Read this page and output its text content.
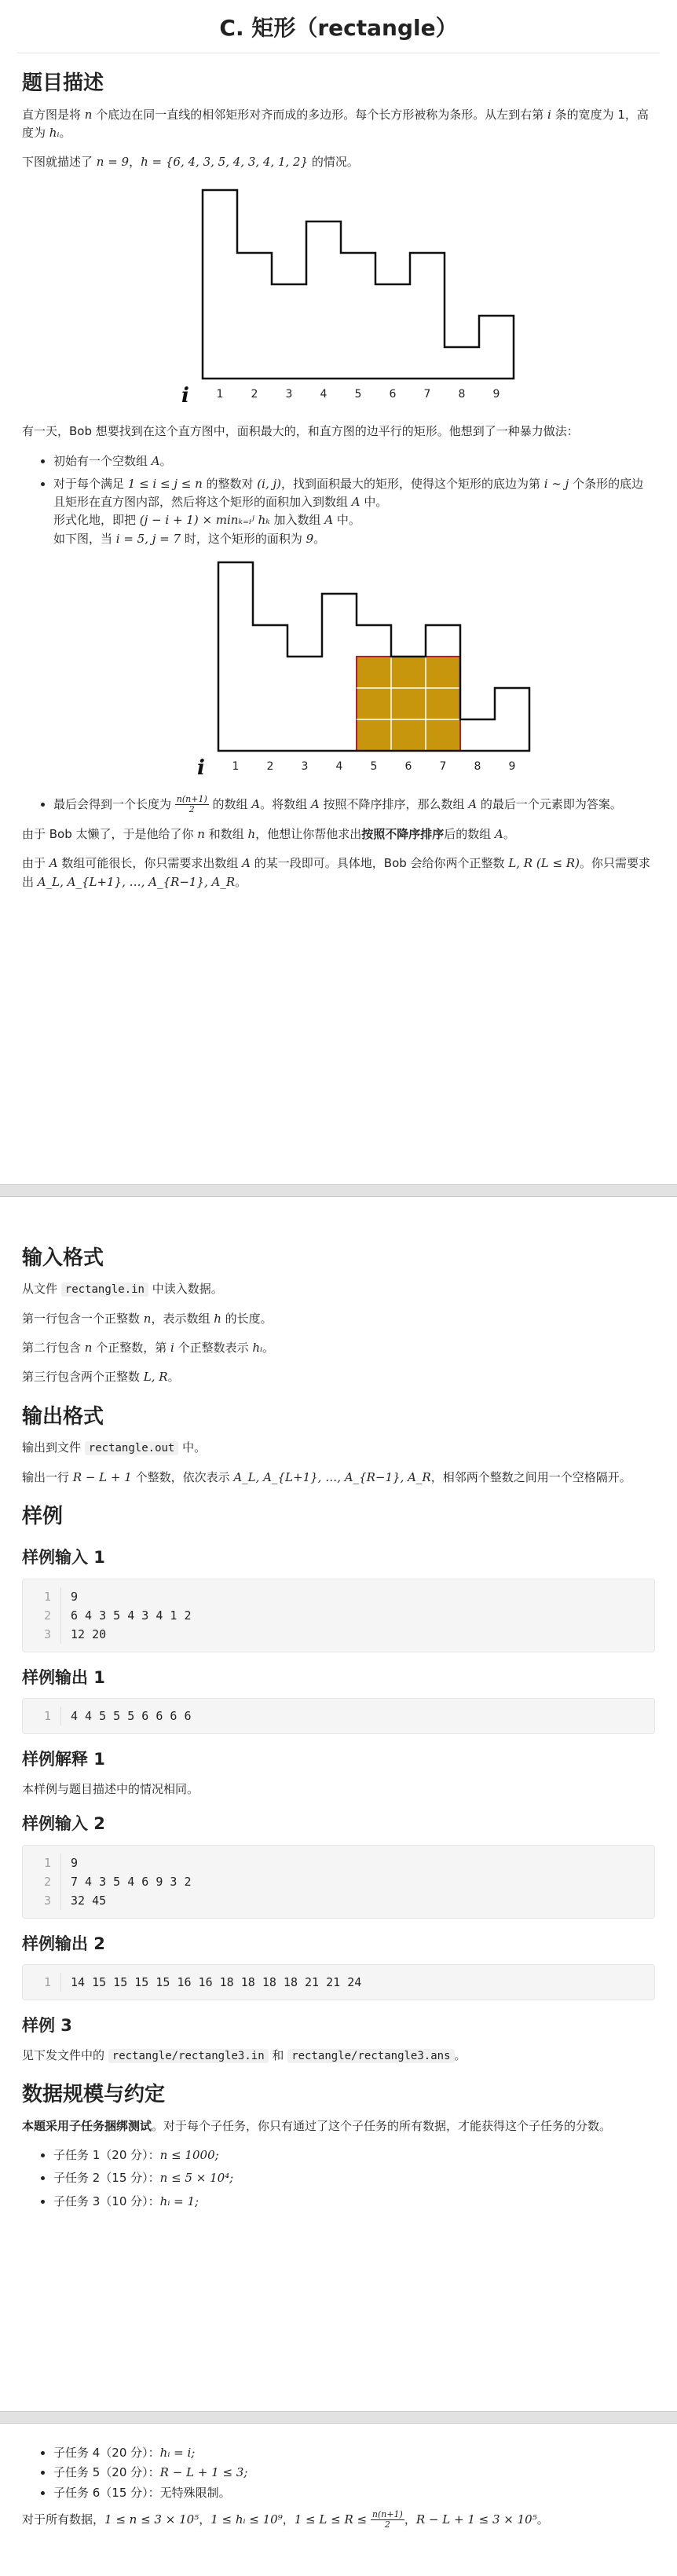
C. 矩形（rectangle）
题目描述

直方图是将 n 个底边在同一直线的相邻矩形对齐而成的多边形。每个长方形被称为条形。从左到右第 i 条的宽度为 1，高度为 hᵢ。

下图就描述了 n = 9，h = {6, 4, 3, 5, 4, 3, 4, 1, 2} 的情况。

1	2	3	4	5	6	7	8	9
i

有一天，Bob 想要找到在这个直方图中，面积最大的，和直方图的边平行的矩形。他想到了一种暴力做法：

• 初始有一个空数组 A。
• 对于每个满足 1 ≤ i ≤ j ≤ n 的整数对 (i, j)，找到面积最大的矩形，使得这个矩形的底边为第 i ∼ j 个条形的底边且矩形在直方图内部，然后将这个矩形的面积加入到数组 A 中。
形式化地，即把 (j − i + 1) × minₖ₌ᵢʲ hₖ 加入数组 A 中。
如下图，当 i = 5, j = 7 时，这个矩形的面积为 9。
1	2	3	4	5	6	7	8	9
i
• 最后会得到一个长度为 $\frac{n(n+1)}{2}$ 的数组 A。将数组 A 按照不降序排序，那么数组 A 的最后一个元素即为答案。

由于 Bob 太懒了，于是他给了你 n 和数组 h，他想让你帮他求出按照不降序排序后的数组 A。

由于 A 数组可能很长，你只需要求出数组 A 的某一段即可。具体地，Bob 会给你两个正整数 L, R (L ≤ R)。你只需要求出 A_L, A_{L+1}, …, A_{R−1}, A_R。

输入格式

从文件 rectangle.in 中读入数据。

第一行包含一个正整数 n，表示数组 h 的长度。

第二行包含 n 个正整数，第 i 个正整数表示 hᵢ。

第三行包含两个正整数 L, R。

输出格式

输出到文件 rectangle.out 中。

输出一行 R − L + 1 个整数，依次表示 A_L, A_{L+1}, …, A_{R−1}, A_R，相邻两个整数之间用一个空格隔开。

样例
样例输入 1
1	9
2	6 4 3 5 4 3 4 1 2
3	12 20
样例输出 1
1	4 4 5 5 5 6 6 6 6
样例解释 1

本样例与题目描述中的情况相同。

样例输入 2
1	9
2	7 4 3 5 4 6 9 3 2
3	32 45
样例输出 2
1	14 15 15 15 15 16 16 18 18 18 18 21 21 24
样例 3

见下发文件中的 rectangle/rectangle3.in 和 rectangle/rectangle3.ans 。

数据规模与约定

本题采用子任务捆绑测试。对于每个子任务，你只有通过了这个子任务的所有数据，才能获得这个子任务的分数。

• 子任务 1（20 分）：n ≤ 1000;
• 子任务 2（15 分）：n ≤ 5 × 10⁴;
• 子任务 3（10 分）：hᵢ = 1;
• 子任务 4（20 分）：hᵢ = i;
• 子任务 5（20 分）：R − L + 1 ≤ 3;
• 子任务 6（15 分）：无特殊限制。

对于所有数据，1 ≤ n ≤ 3 × 10⁵，1 ≤ hᵢ ≤ 10⁹，$1 \le L \le R \le \frac{n(n+1)}{2}$ ，R − L + 1 ≤ 3 × 10⁵。
